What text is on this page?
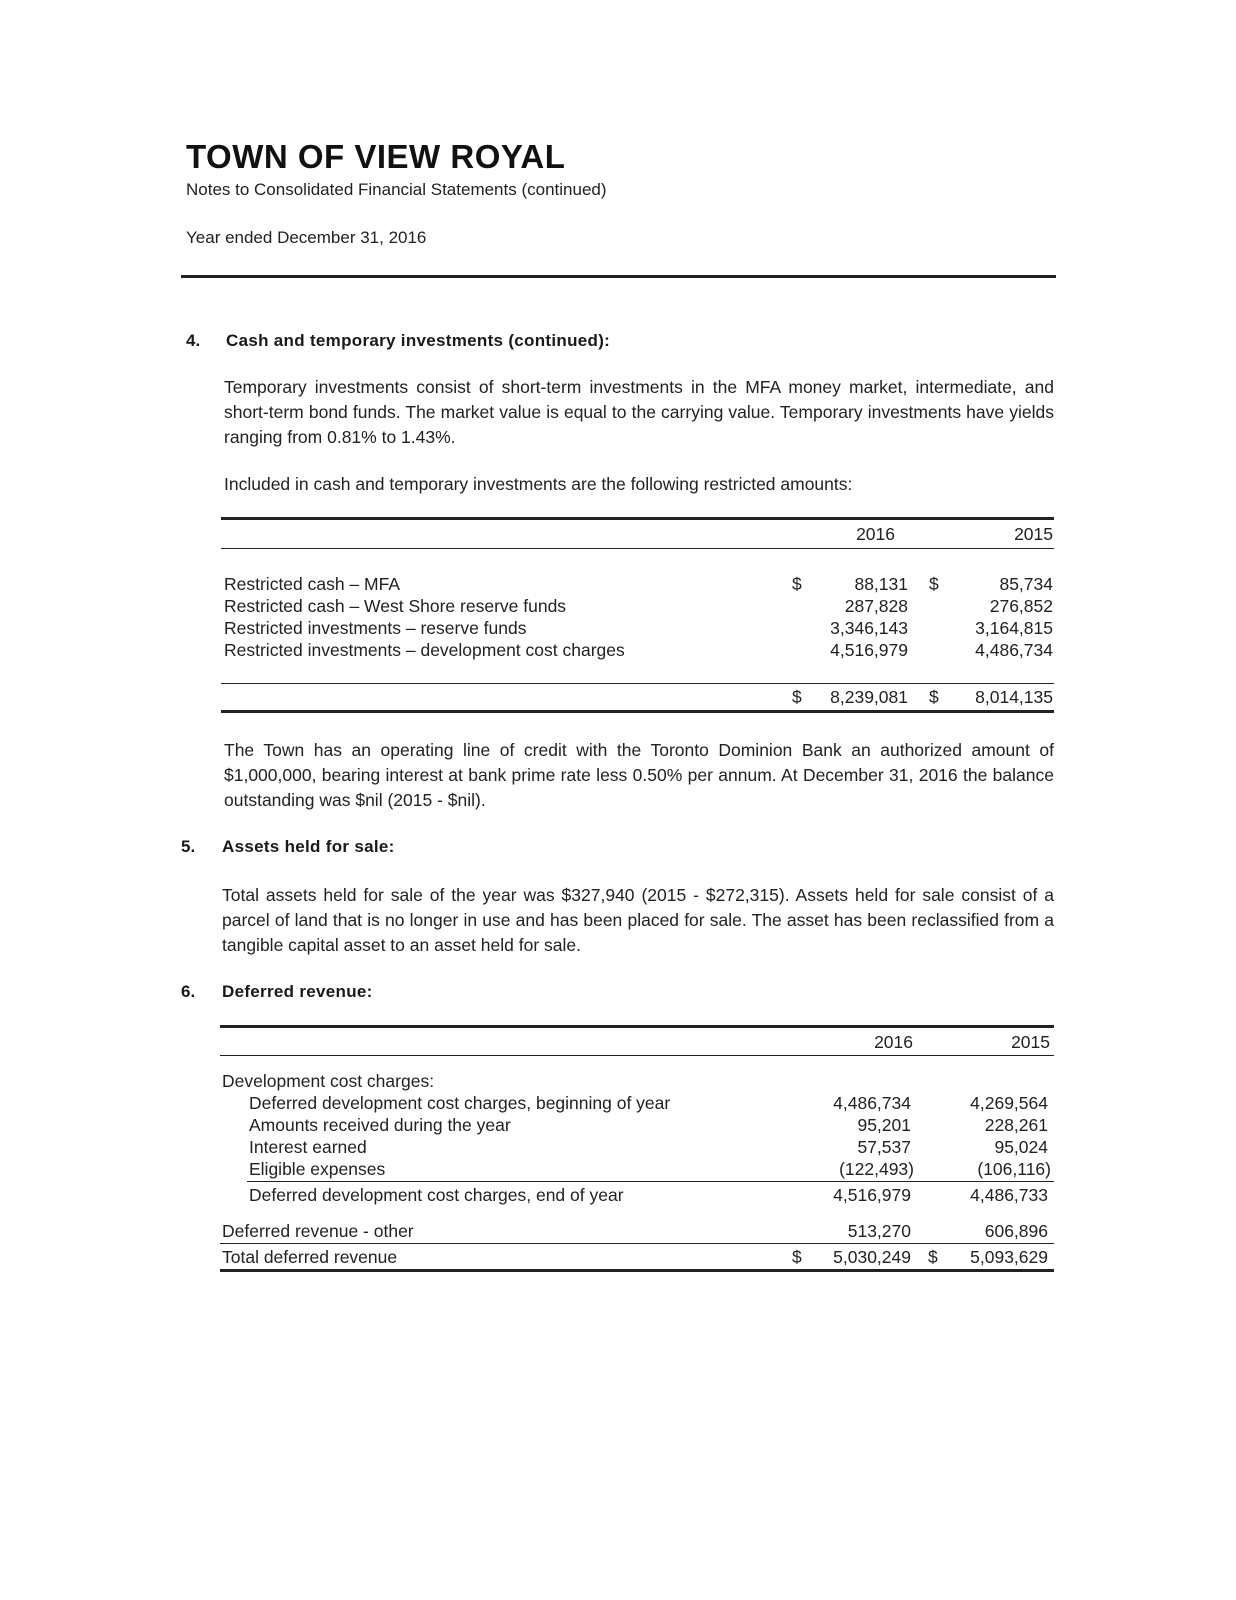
TOWN OF VIEW ROYAL
Notes to Consolidated Financial Statements (continued)
Year ended December 31, 2016
4. Cash and temporary investments (continued):
Temporary investments consist of short-term investments in the MFA money market, intermediate, and short-term bond funds. The market value is equal to the carrying value. Temporary investments have yields ranging from 0.81% to 1.43%.
Included in cash and temporary investments are the following restricted amounts:
2016	2015
Restricted cash – MFA	$	88,131 $	85,734
Restricted cash – West Shore reserve funds	287,828	276,852
Restricted investments – reserve funds	3,346,143	3,164,815
Restricted investments – development cost charges	4,516,979	4,486,734
$ 8,239,081 $ 8,014,135
The Town has an operating line of credit with the Toronto Dominion Bank an authorized amount of $1,000,000, bearing interest at bank prime rate less 0.50% per annum. At December 31, 2016 the balance outstanding was $nil (2015 - $nil).
5. Assets held for sale:
Total assets held for sale of the year was $327,940 (2015 - $272,315). Assets held for sale consist of a parcel of land that is no longer in use and has been placed for sale. The asset has been reclassified from a tangible capital asset to an asset held for sale.
6. Deferred revenue:
2016	2015
Development cost charges:
Deferred development cost charges, beginning of year	4,486,734	4,269,564
Amounts received during the year	95,201	228,261
Interest earned	57,537	95,024
Eligible expenses	(122,493)	(106,116)
Deferred development cost charges, end of year	4,516,979	4,486,733
Deferred revenue - other	513,270	606,896
Total deferred revenue	$ 5,030,249 $ 5,093,629
